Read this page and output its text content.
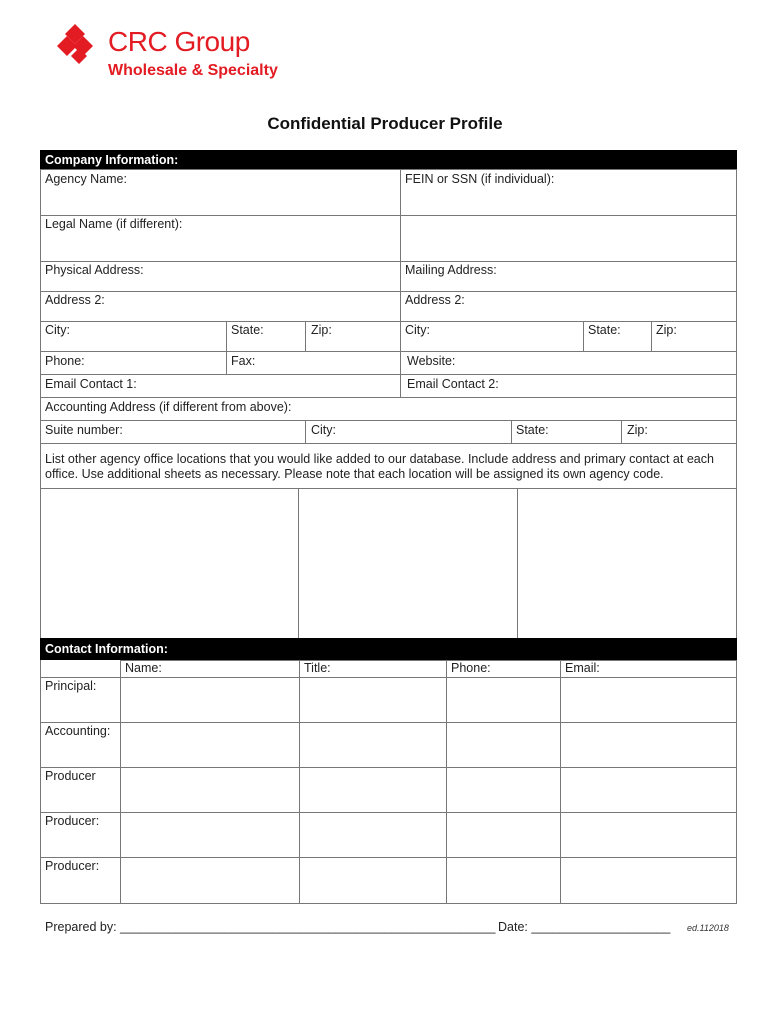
CRC Group
Wholesale & Specialty
Confidential Producer Profile
Company Information:
Agency Name:	FEIN or SSN (if individual):
Legal Name (if different):
Physical Address:	Mailing Address:
Address 2:	Address 2:
City:	State:	Zip:	City:	State:	Zip:
Phone:	Fax:	Website:
Email Contact 1:	Email Contact 2:
Accounting Address (if different from above):
Suite number:	City:	State:	Zip:
List other agency office locations that you would like added to our database. Include address and primary contact at each
office. Use additional sheets as necessary. Please note that each location will be assigned its own agency code.
Contact Information:
Name:	Title:	Phone:	Email:
Principal:
Accounting:
Producer
Producer:
Producer:
Prepared by: ______________________________________________________ Date: ____________________ ed.112018
